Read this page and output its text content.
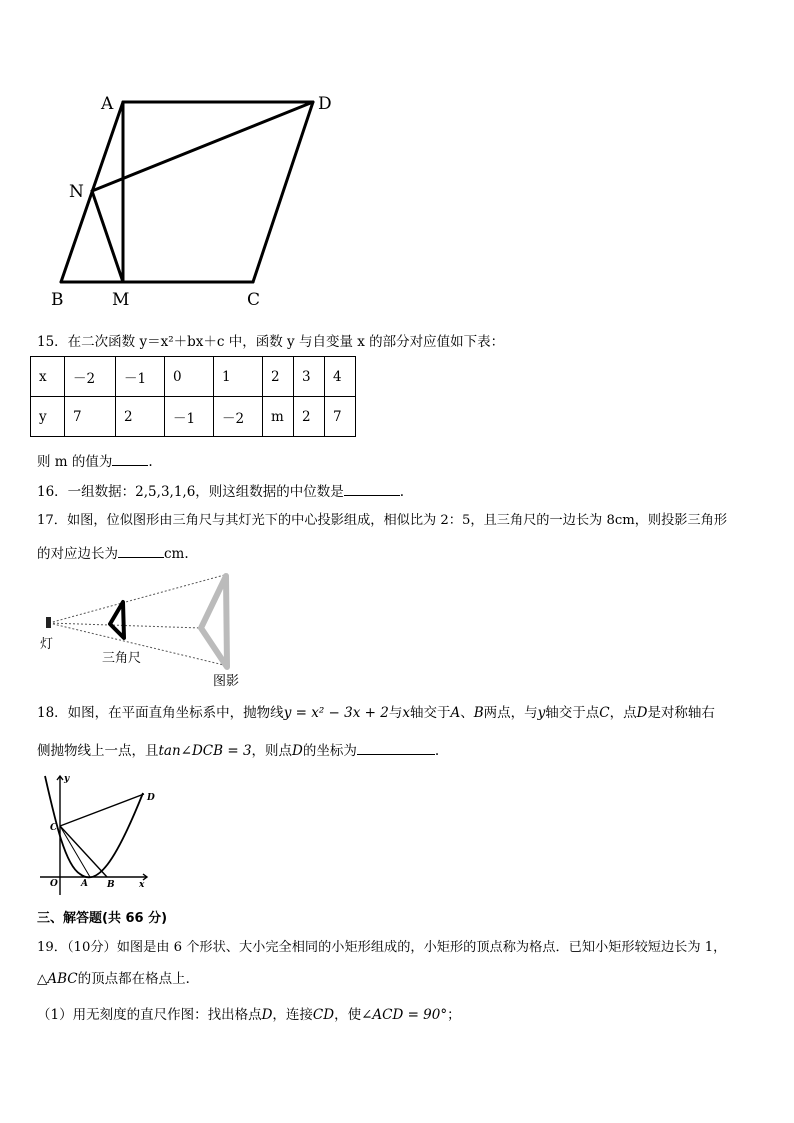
A	D
N
B	M	C
15．在二次函数 y＝x²＋bx＋c 中，函数 y 与自变量 x 的部分对应值如下表：
x	－2	－1	0	1	2	3	4
y	7	2	－1	－2	m	2	7
则 m 的值为	.
16．一组数据：2,5,3,1,6，则这组数据的中位数是	.
17．如图，位似图形由三角尺与其灯光下的中心投影组成，相似比为 2：5，且三角尺的一边长为 8cm，则投影三角形
的对应边长为	cm.
灯
三角尺
图影
18．如图，在平面直角坐标系中，抛物线y = x² − 3x + 2与x轴交于A、B两点，与y轴交于点C，点D是对称轴右
侧抛物线上一点，且tan∠DCB = 3，则点D的坐标为	.
y
D
C
O	A B	x
三、解答题(共 66 分)
19．（10分）如图是由 6 个形状、大小完全相同的小矩形组成的，小矩形的顶点称为格点．已知小矩形较短边长为 1，
△ABC的顶点都在格点上．
（1）用无刻度的直尺作图：找出格点D，连接CD，使∠ACD = 90°；
